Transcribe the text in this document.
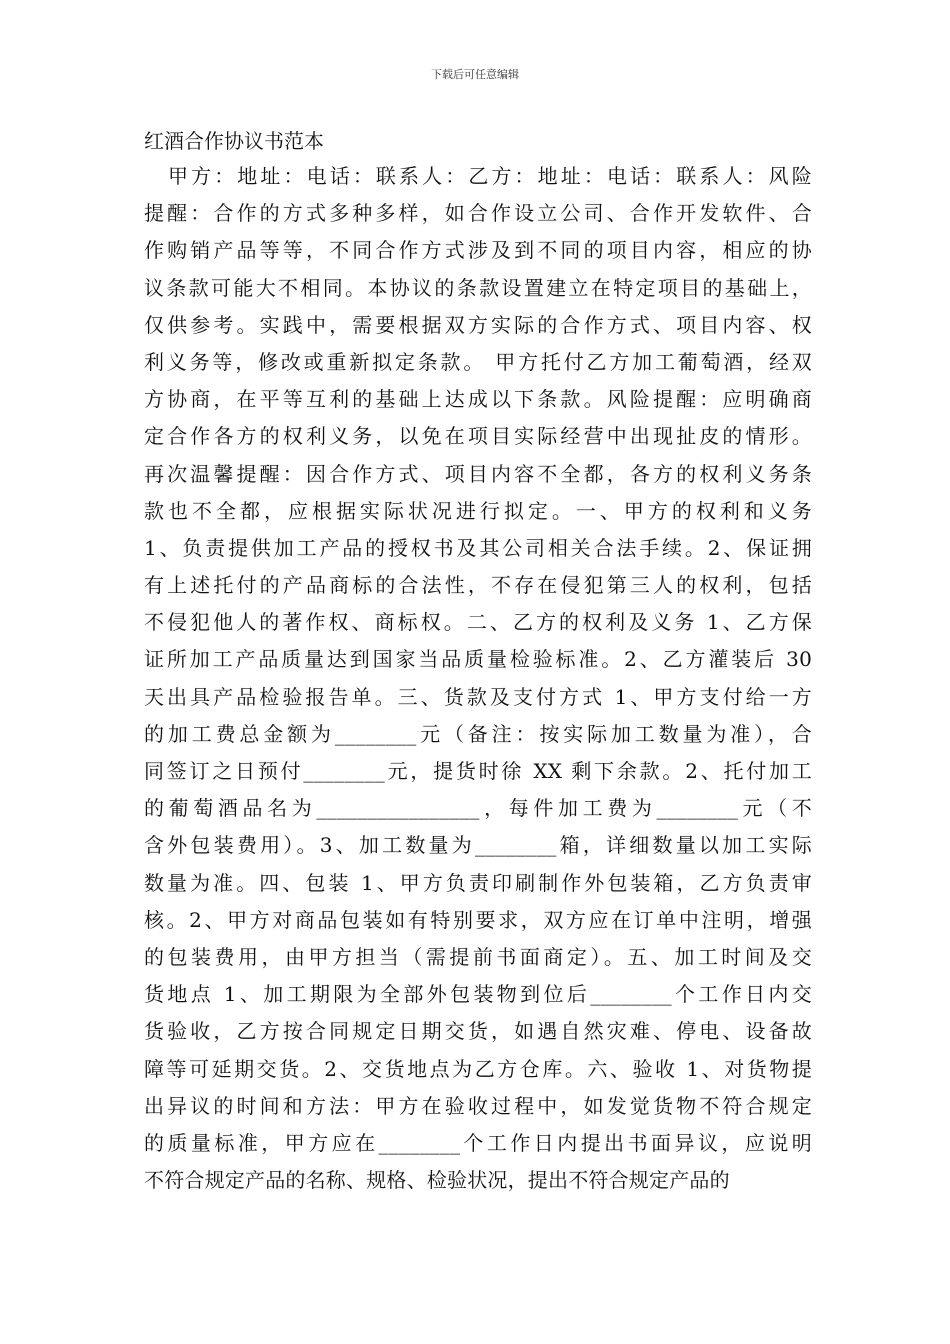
下载后可任意编辑
红酒合作协议书范本
甲方：地址：电话：联系人：乙方：地址：电话：联系人：风险
提醒：合作的方式多种多样，如合作设立公司、合作开发软件、合
作购销产品等等，不同合作方式涉及到不同的项目内容，相应的协
议条款可能大不相同。本协议的条款设置建立在特定项目的基础上，
仅供参考。实践中，需要根据双方实际的合作方式、项目内容、权
利义务等，修改或重新拟定条款。 甲方托付乙方加工葡萄酒，经双
方协商，在平等互利的基础上达成以下条款。风险提醒：应明确商
定合作各方的权利义务，以免在项目实际经营中出现扯皮的情形。
再次温馨提醒：因合作方式、项目内容不全都，各方的权利义务条
款也不全都，应根据实际状况进行拟定。一、甲方的权利和义务
1、负责提供加工产品的授权书及其公司相关合法手续。2、保证拥
有上述托付的产品商标的合法性，不存在侵犯第三人的权利，包括
不侵犯他人的著作权、商标权。二、乙方的权利及义务 1、乙方保
证所加工产品质量达到国家当品质量检验标准。2、乙方灌装后 30
天出具产品检验报告单。三、货款及支付方式 1、甲方支付给一方
的加工费总金额为________元（备注：按实际加工数量为准），合
同签订之日预付________元，提货时徐 XX 剩下余款。2、托付加工
的葡萄酒品名为________________，每件加工费为________元（不
含外包装费用）。3、加工数量为________箱，详细数量以加工实际
数量为准。四、包装 1、甲方负责印刷制作外包装箱，乙方负责审
核。2、甲方对商品包装如有特别要求，双方应在订单中注明，增强
的包装费用，由甲方担当（需提前书面商定）。五、加工时间及交
货地点 1、加工期限为全部外包装物到位后________个工作日内交
货验收，乙方按合同规定日期交货，如遇自然灾难、停电、设备故
障等可延期交货。2、交货地点为乙方仓库。六、验收 1、对货物提
出异议的时间和方法：甲方在验收过程中，如发觉货物不符合规定
的质量标准，甲方应在________个工作日内提出书面异议，应说明
不符合规定产品的名称、规格、检验状况，提出不符合规定产品的
